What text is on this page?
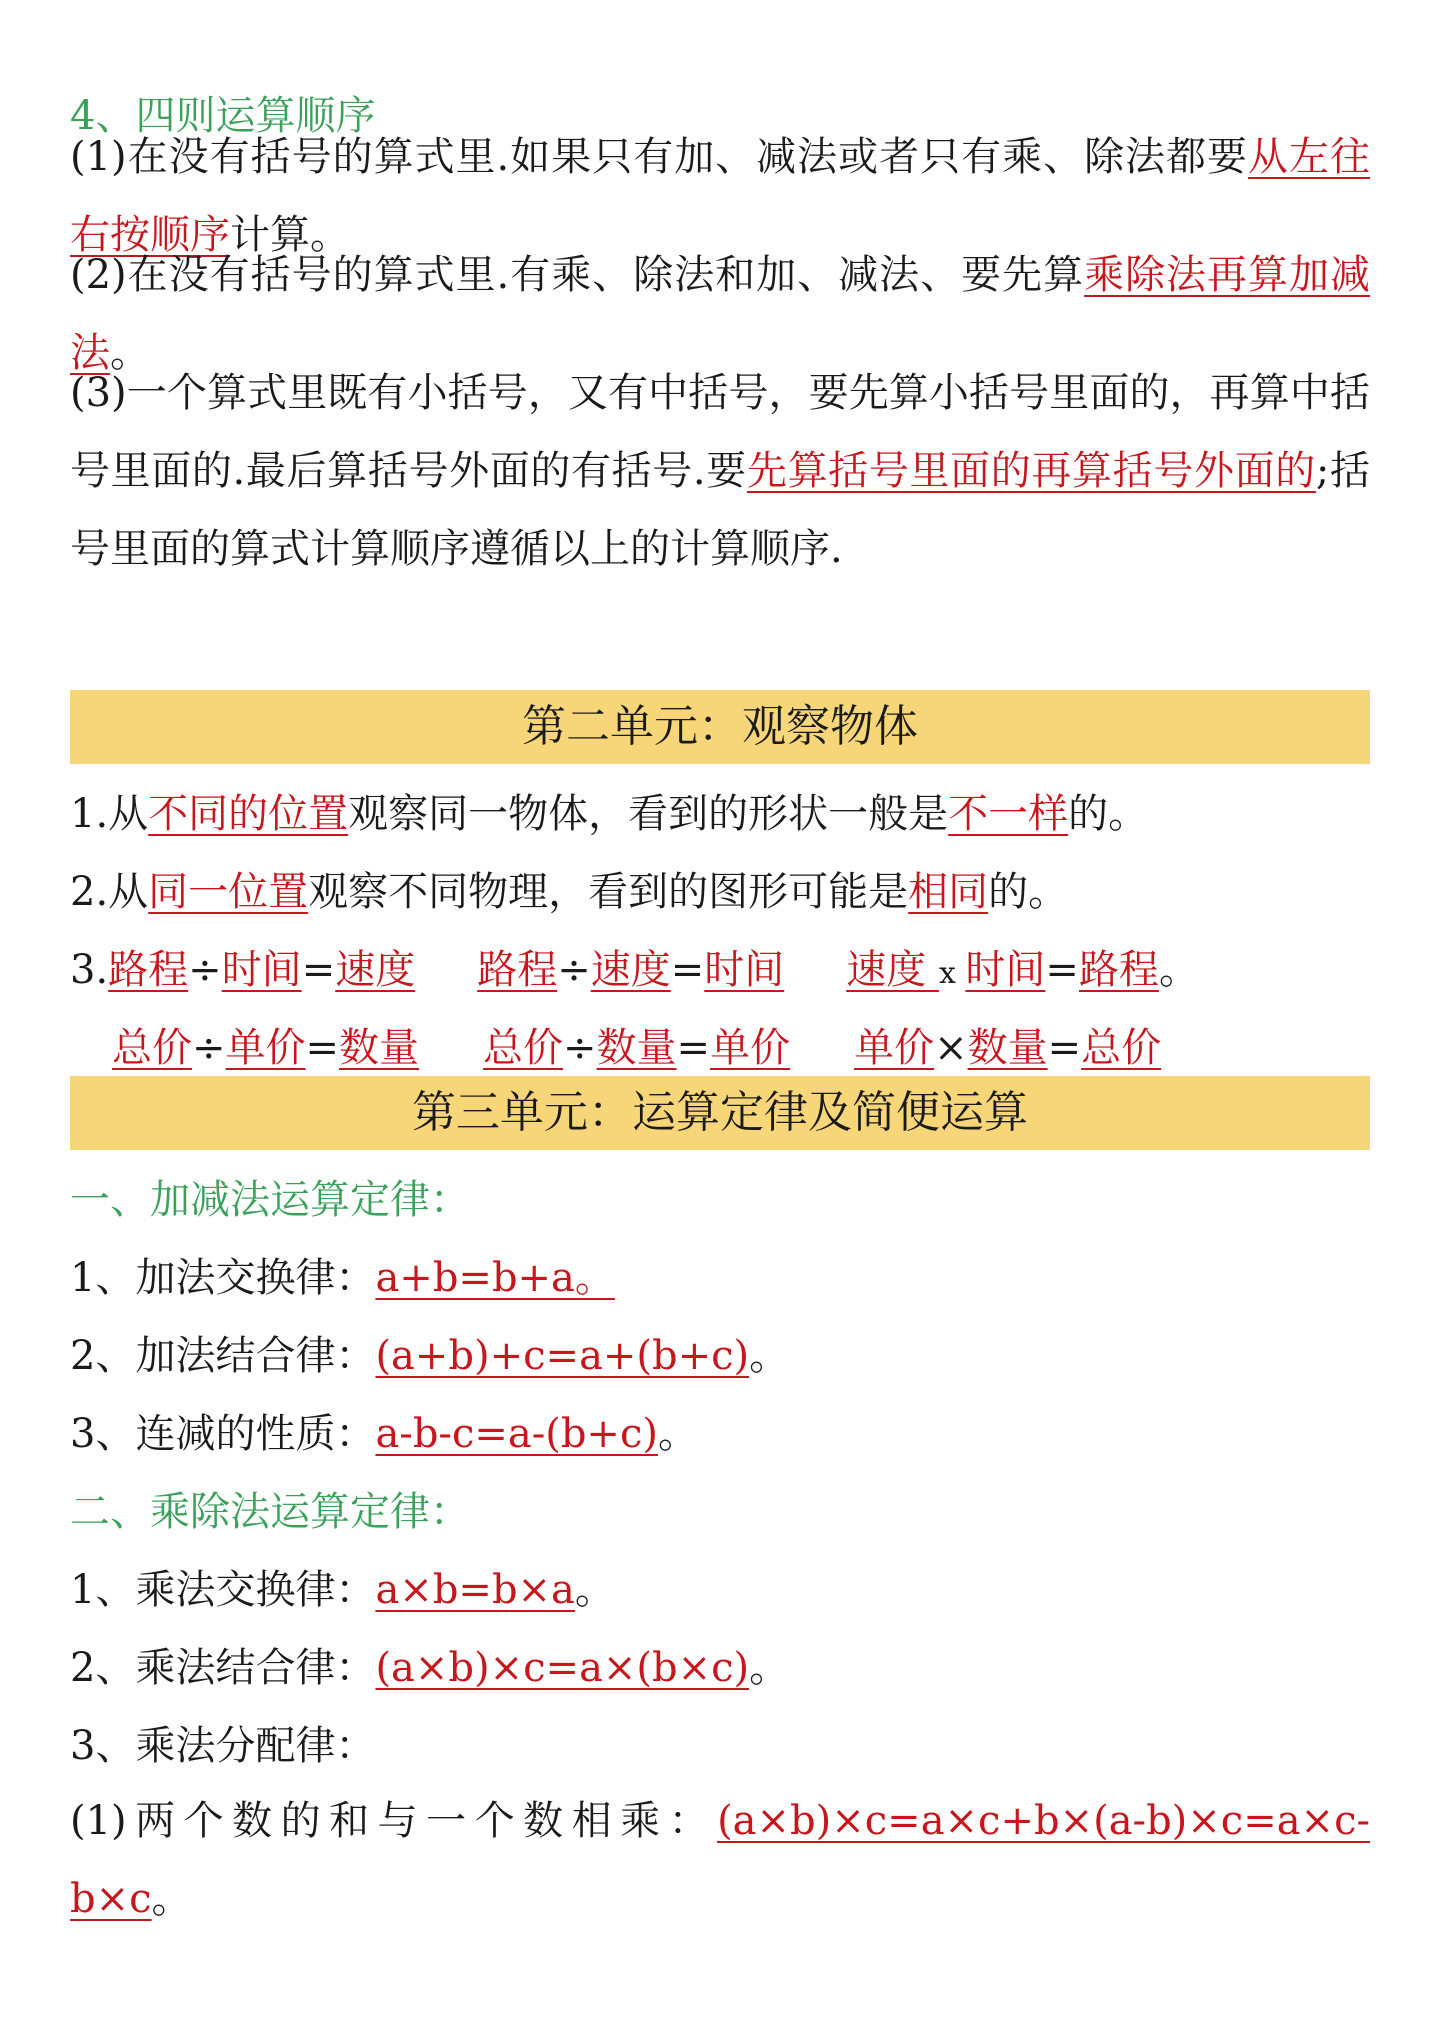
4、四则运算顺序
(1)在没有括号的算式里.如果只有加、减法或者只有乘、除法都要从左往右按顺序计算。
(2)在没有括号的算式里.有乘、除法和加、减法、要先算乘除法再算加减法。
(3)一个算式里既有小括号，又有中括号，要先算小括号里面的，再算中括号里面的.最后算括号外面的有括号.要先算括号里面的再算括号外面的;括号里面的算式计算顺序遵循以上的计算顺序.
第二单元：观察物体
1.从不同的位置观察同一物体，看到的形状一般是不一样的。
2.从同一位置观察不同物理，看到的图形可能是相同的。
3.路程÷时间=速度 路程÷速度=时间 速度 x 时间=路程。
总价÷单价=数量 总价÷数量=单价 单价×数量=总价
第三单元：运算定律及简便运算
一、加减法运算定律：
1、加法交换律：a+b=b+a。
2、加法结合律：(a+b)+c=a+(b+c)。
3、连减的性质：a-b-c=a-(b+c)。
二、乘除法运算定律：
1、乘法交换律：a×b=b×a。
2、乘法结合律：(a×b)×c=a×(b×c)。
3、乘法分配律：
(1)两个数的和与一个数相乘：(a×b)×c=a×c+b×(a-b)×c=a×c-b×c。
